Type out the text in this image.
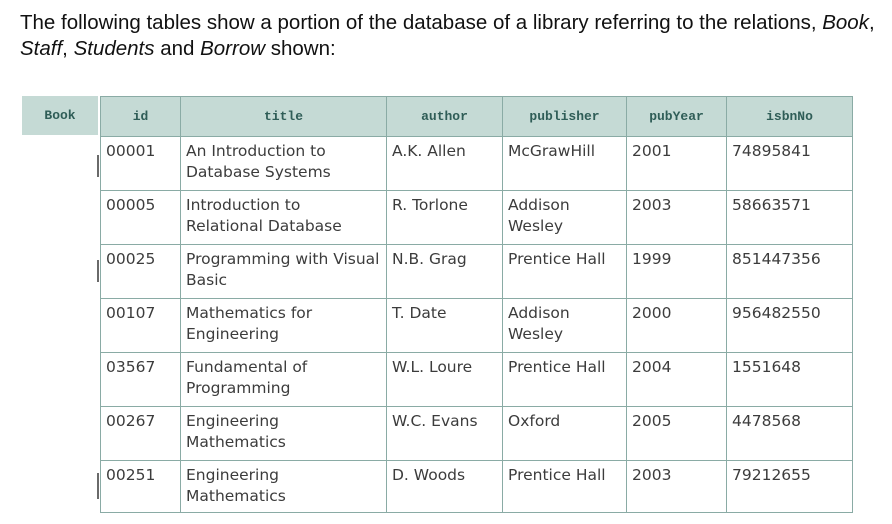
The following tables show a portion of the database of a library referring to the relations, Book, Staff, Students and Borrow shown:

Book	id	title	author	publisher	pubYear	isbnNo
00001	An Introduction to Database Systems	A.K. Allen	McGrawHill	2001	74895841
00005	Introduction to Relational Database	R. Torlone	Addison Wesley	2003	58663571
00025	Programming with Visual Basic	N.B. Grag	Prentice Hall	1999	851447356
00107	Mathematics for Engineering	T. Date	Addison Wesley	2000	956482550
03567	Fundamental of Programming	W.L. Loure	Prentice Hall	2004	1551648
00267	Engineering Mathematics	W.C. Evans	Oxford	2005	4478568
00251	Engineering Mathematics	D. Woods	Prentice Hall	2003	79212655
